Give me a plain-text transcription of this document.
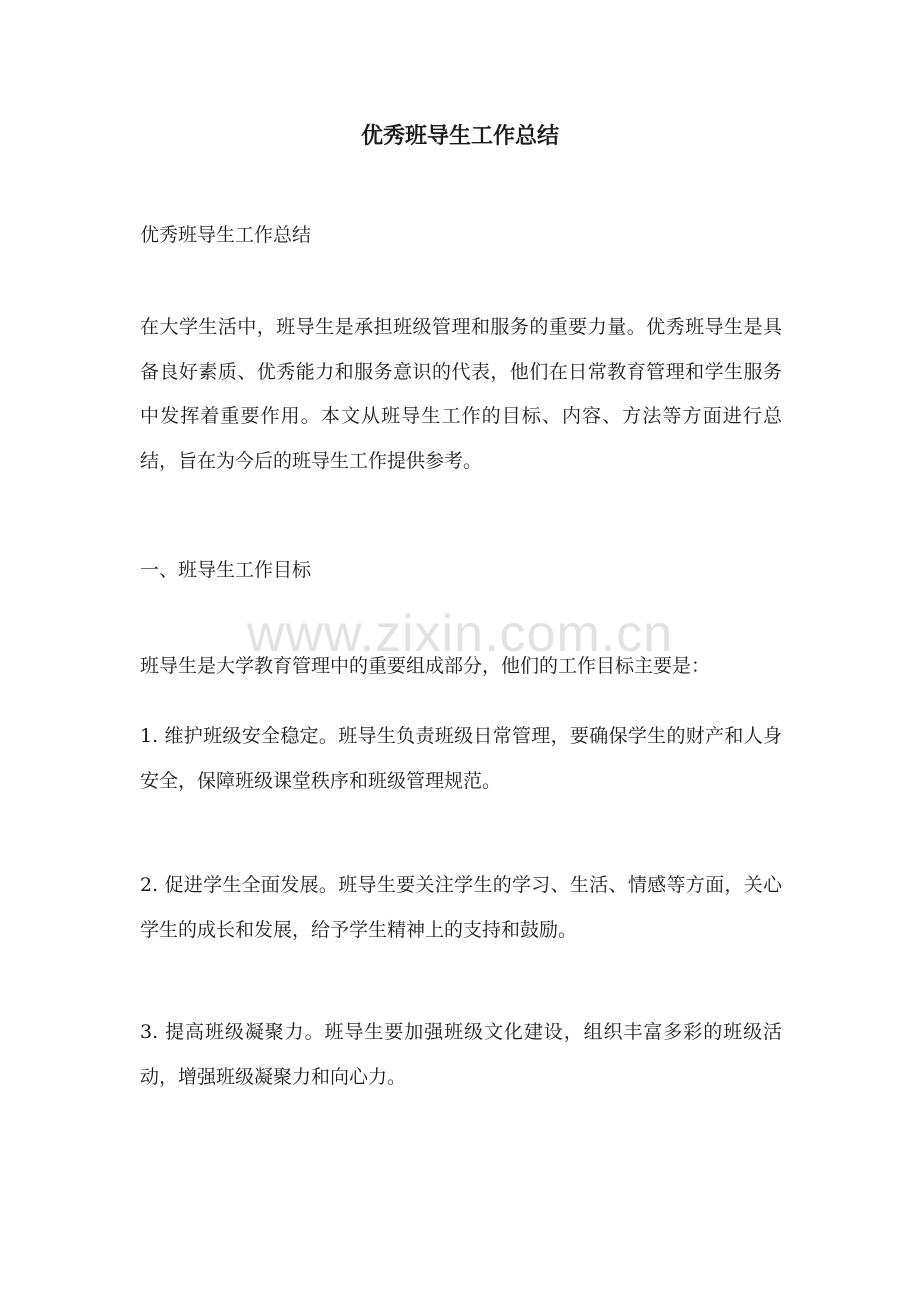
优秀班导生工作总结

优秀班导生工作总结

在大学生活中，班导生是承担班级管理和服务的重要力量。优秀班导生是具备良好素质、优秀能力和服务意识的代表，他们在日常教育管理和学生服务中发挥着重要作用。本文从班导生工作的目标、内容、方法等方面进行总结，旨在为今后的班导生工作提供参考。

一、班导生工作目标

班导生是大学教育管理中的重要组成部分，他们的工作目标主要是：

1. 维护班级安全稳定。班导生负责班级日常管理，要确保学生的财产和人身安全，保障班级课堂秩序和班级管理规范。

2. 促进学生全面发展。班导生要关注学生的学习、生活、情感等方面，关心学生的成长和发展，给予学生精神上的支持和鼓励。

3. 提高班级凝聚力。班导生要加强班级文化建设，组织丰富多彩的班级活动，增强班级凝聚力和向心力。

www.zixin.com.cn
